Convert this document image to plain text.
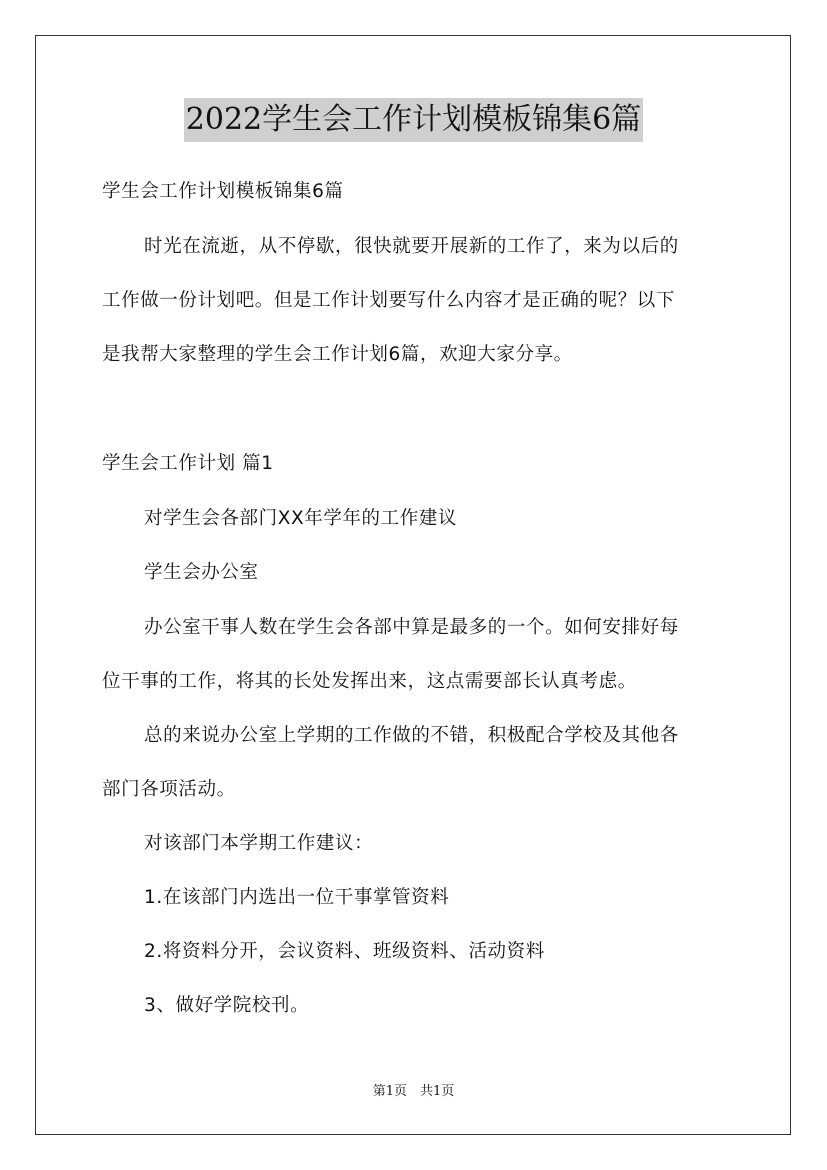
2022学生会工作计划模板锦集6篇
学生会工作计划模板锦集6篇
时光在流逝，从不停歇，很快就要开展新的工作了，来为以后的
工作做一份计划吧。但是工作计划要写什么内容才是正确的呢？以下
是我帮大家整理的学生会工作计划6篇，欢迎大家分享。
学生会工作计划 篇1
对学生会各部门XX年学年的工作建议
学生会办公室
办公室干事人数在学生会各部中算是最多的一个。如何安排好每
位干事的工作，将其的长处发挥出来，这点需要部长认真考虑。
总的来说办公室上学期的工作做的不错，积极配合学校及其他各
部门各项活动。
对该部门本学期工作建议：
1.在该部门内选出一位干事掌管资料
2.将资料分开，会议资料、班级资料、活动资料
3、做好学院校刊。
第1页　共1页
